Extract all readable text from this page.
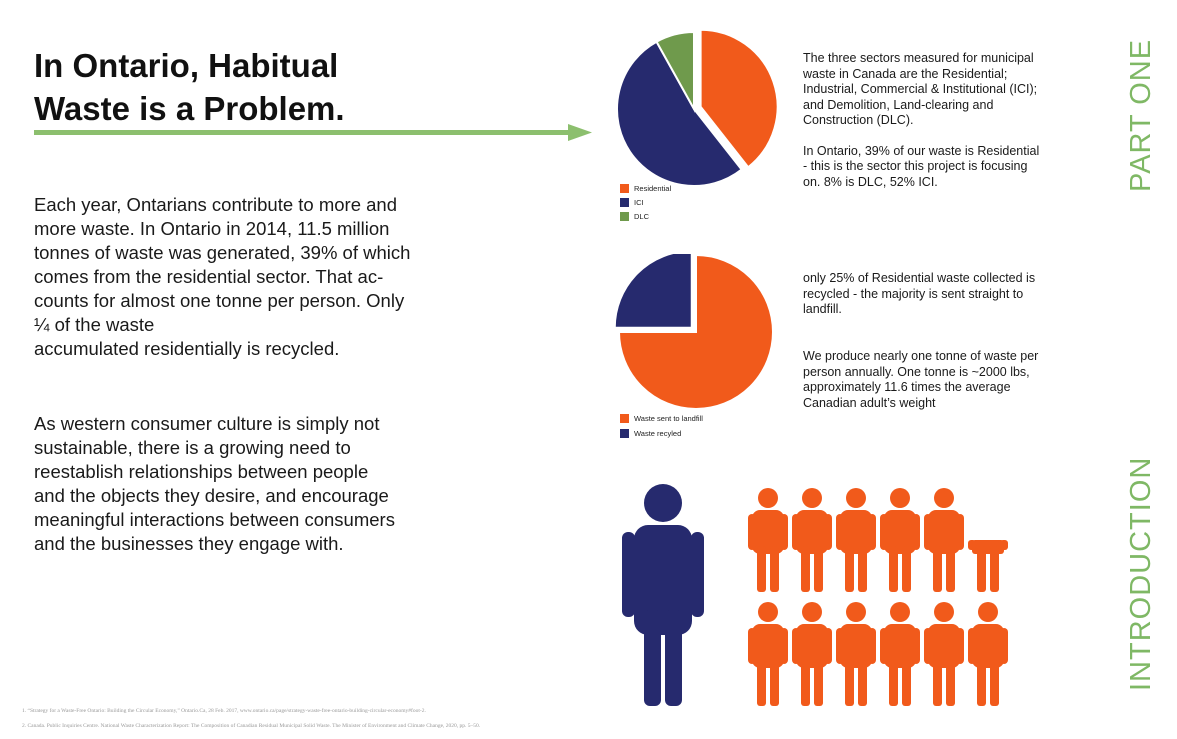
In Ontario, Habitual
Waste is a Problem.
Each year, Ontarians contribute to more and
more waste. In Ontario in 2014, 11.5 million
tonnes of waste was generated, 39% of which
comes from the residential sector. That ac-
counts for almost one tonne per person. Only
¼ of the waste
accumulated residentially is recycled.
As western consumer culture is simply not
sustainable, there is a growing need to
reestablish relationships between people
and the objects they desire, and encourage
meaningful interactions between consumers
and the businesses they engage with.
Residential
ICI
DLC
Waste sent to landfill
Waste recyled
The three sectors measured for municipal
waste in Canada are the Residential;
Industrial, Commercial & Institutional (ICI);
and Demolition, Land-clearing and
Construction (DLC).
In Ontario, 39% of our waste is Residential
- this is the sector this project is focusing
on. 8% is DLC, 52% ICI.
only 25% of Residential waste collected is
recycled - the majority is sent straight to
landfill.
We produce nearly one tonne of waste per
person annually. One tonne is ~2000 lbs,
approximately 11.6 times the average
Canadian adult’s weight
PART ONE
INTRODUCTION
1. “Strategy for a Waste-Free Ontario: Building the Circular Economy,” Ontario.Ca, 28 Feb. 2017, www.ontario.ca/page/strategy-waste-free-ontario-building-circular-economy#foot-2.
2. Canada. Public Inquiries Centre. National Waste Characterization Report: The Composition of Canadian Residual Municipal Solid Waste. The Minister of Environment and Climate Change, 2020, pp. 5–50.
